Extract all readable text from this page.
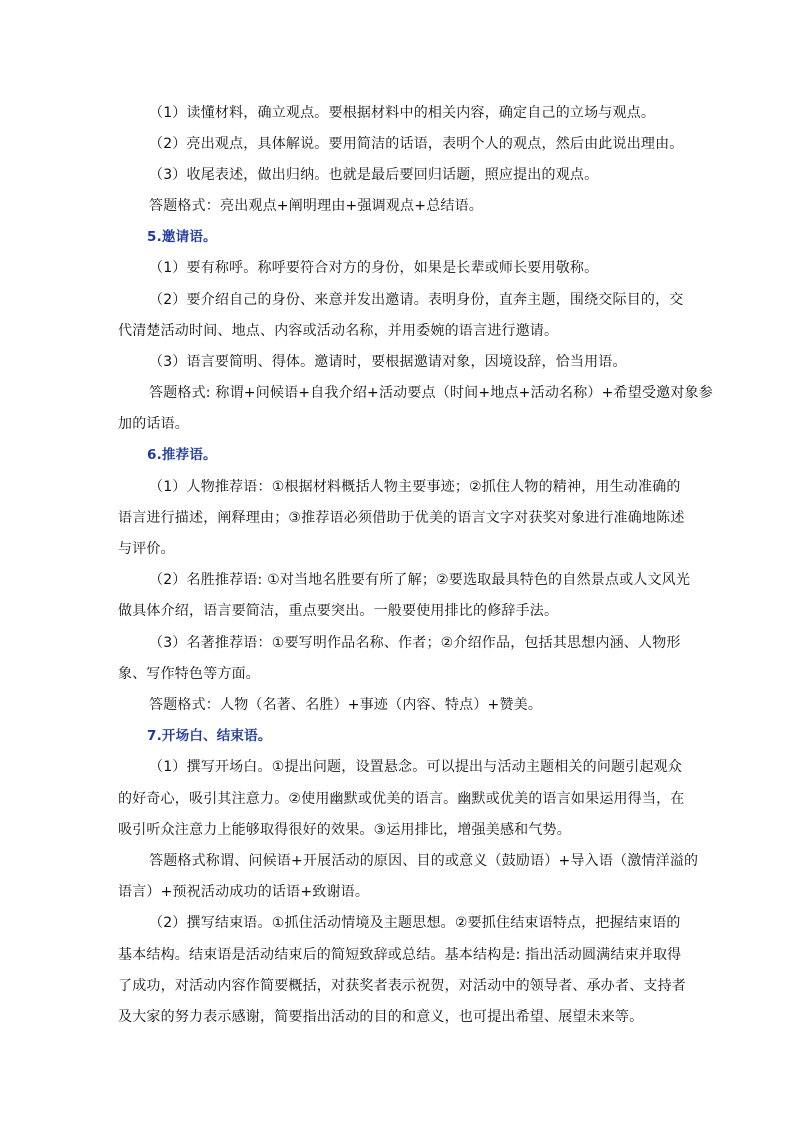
（1）读懂材料，确立观点。要根据材料中的相关内容，确定自己的立场与观点。
（2）亮出观点，具体解说。要用简洁的话语，表明个人的观点，然后由此说出理由。
（3）收尾表述，做出归纳。也就是最后要回归话题，照应提出的观点。
答题格式：亮出观点+阐明理由+强调观点+总结语。
5.邀请语。
（1）要有称呼。称呼要符合对方的身份，如果是长辈或师长要用敬称。
（2）要介绍自己的身份、来意并发出邀请。表明身份，直奔主题，围绕交际目的，交
代清楚活动时间、地点、内容或活动名称，并用委婉的语言进行邀请。
（3）语言要简明、得体。邀请时，要根据邀请对象，因境设辞，恰当用语。
答题格式: 称谓+问候语+自我介绍+活动要点（时间+地点+活动名称）+希望受邀对象参
加的话语。
6.推荐语。
（1）人物推荐语：①根据材料概括人物主要事迹；②抓住人物的精神，用生动准确的
语言进行描述，阐释理由；③推荐语必须借助于优美的语言文字对获奖对象进行准确地陈述
与评价。
（2）名胜推荐语: ①对当地名胜要有所了解；②要选取最具特色的自然景点或人文风光
做具体介绍，语言要简洁，重点要突出。一般要使用排比的修辞手法。
（3）名著推荐语：①要写明作品名称、作者；②介绍作品，包括其思想内涵、人物形
象、写作特色等方面。
答题格式：人物（名著、名胜）+事迹（内容、特点）+赞美。
7.开场白、结束语。
（1）撰写开场白。①提出问题，设置悬念。可以提出与活动主题相关的问题引起观众
的好奇心，吸引其注意力。②使用幽默或优美的语言。幽默或优美的语言如果运用得当，在
吸引听众注意力上能够取得很好的效果。③运用排比，增强美感和气势。
答题格式称谓、问候语+开展活动的原因、目的或意义（鼓励语）+导入语（激情洋溢的
语言）+预祝活动成功的话语+致谢语。
（2）撰写结束语。①抓住活动情境及主题思想。②要抓住结束语特点，把握结束语的
基本结构。结束语是活动结束后的简短致辞或总结。基本结构是: 指出活动圆满结束并取得
了成功，对活动内容作简要概括，对获奖者表示祝贺，对活动中的领导者、承办者、支持者
及大家的努力表示感谢，简要指出活动的目的和意义，也可提出希望、展望未来等。
